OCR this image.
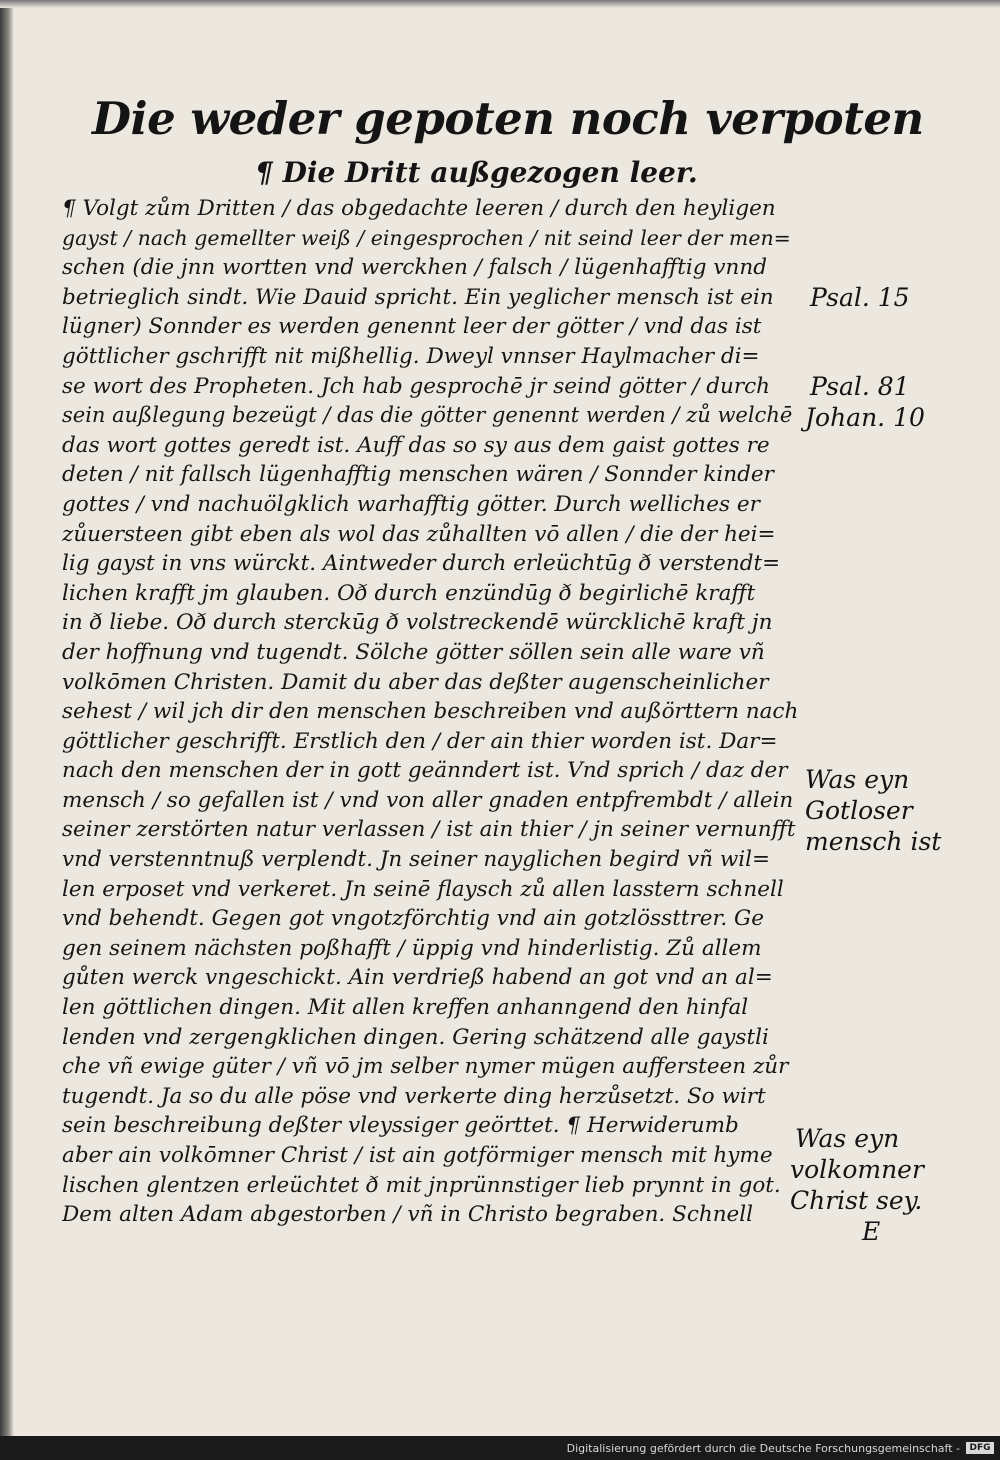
Die weder gepoten noch verpoten
¶ Die Dritt außgezogen leer.
¶ Volgt zům Dritten / das obgedachte leeren / durch den heyligen
gayst / nach gemellter weiß / eingesprochen / nit seind leer der men=
schen (die jnn wortten vnd werckhen / falsch / lügenhafftig vnnd
betrieglich sindt. Wie Dauid spricht. Ein yeglicher mensch ist ein
lügner) Sonnder es werden genennt leer der götter / vnd das ist
göttlicher gschrifft nit mißhellig. Dweyl vnnser Haylmacher di=
se wort des Propheten. Jch hab gesprochē jr seind götter / durch
sein außlegung bezeügt / das die götter genennt werden / zů welchē
das wort gottes geredt ist. Auff das so sy aus dem gaist gottes re
deten / nit fallsch lügenhafftig menschen wären / Sonnder kinder
gottes / vnd nachuölgklich warhafftig götter. Durch welliches er
zůuersteen gibt eben als wol das zůhallten vō allen / die der hei=
lig gayst in vns würckt. Aintweder durch erleüchtūg ð verstendt=
lichen krafft jm glauben. Oð durch enzündūg ð begirlichē krafft
in ð liebe. Oð durch sterckūg ð volstreckendē würcklichē kraft jn
der hoffnung vnd tugendt. Sölche götter söllen sein alle ware vñ
volkōmen Christen. Damit du aber das deßter augenscheinlicher
sehest / wil jch dir den menschen beschreiben vnd außörttern nach
göttlicher geschrifft. Erstlich den / der ain thier worden ist. Dar=
nach den menschen der in gott geänndert ist. Vnd sprich / daz der
mensch / so gefallen ist / vnd von aller gnaden entpfrembdt / allein
seiner zerstörten natur verlassen / ist ain thier / jn seiner vernunfft
vnd verstenntnuß verplendt. Jn seiner nayglichen begird vñ wil=
len erposet vnd verkeret. Jn seinē flaysch zů allen lasstern schnell
vnd behendt. Gegen got vngotzförchtig vnd ain gotzlössttrer. Ge
gen seinem nächsten poßhafft / üppig vnd hinderlistig. Zů allem
gůten werck vngeschickt. Ain verdrieß habend an got vnd an al=
len göttlichen dingen. Mit allen kreffen anhanngend den hinfal
lenden vnd zergengklichen dingen. Gering schätzend alle gaystli
che vñ ewige güter / vñ vō jm selber nymer mügen auffersteen zůr
tugendt. Ja so du alle pöse vnd verkerte ding herzůsetzt. So wirt
sein beschreibung deßter vleyssiger geörttet. ¶ Herwiderumb
aber ain volkōmner Christ / ist ain gotförmiger mensch mit hyme
lischen glentzen erleüchtet ð mit jnprünnstiger lieb prynnt in got.
Dem alten Adam abgestorben / vñ in Christo begraben. Schnell
Psal. 15
Psal. 81
Johan. 10
Was eyn
Gotloser
mensch ist
Was eyn
volkomner
Christ sey.
E
Digitalisierung gefördert durch die Deutsche Forschungsgemeinschaft -	DFG
